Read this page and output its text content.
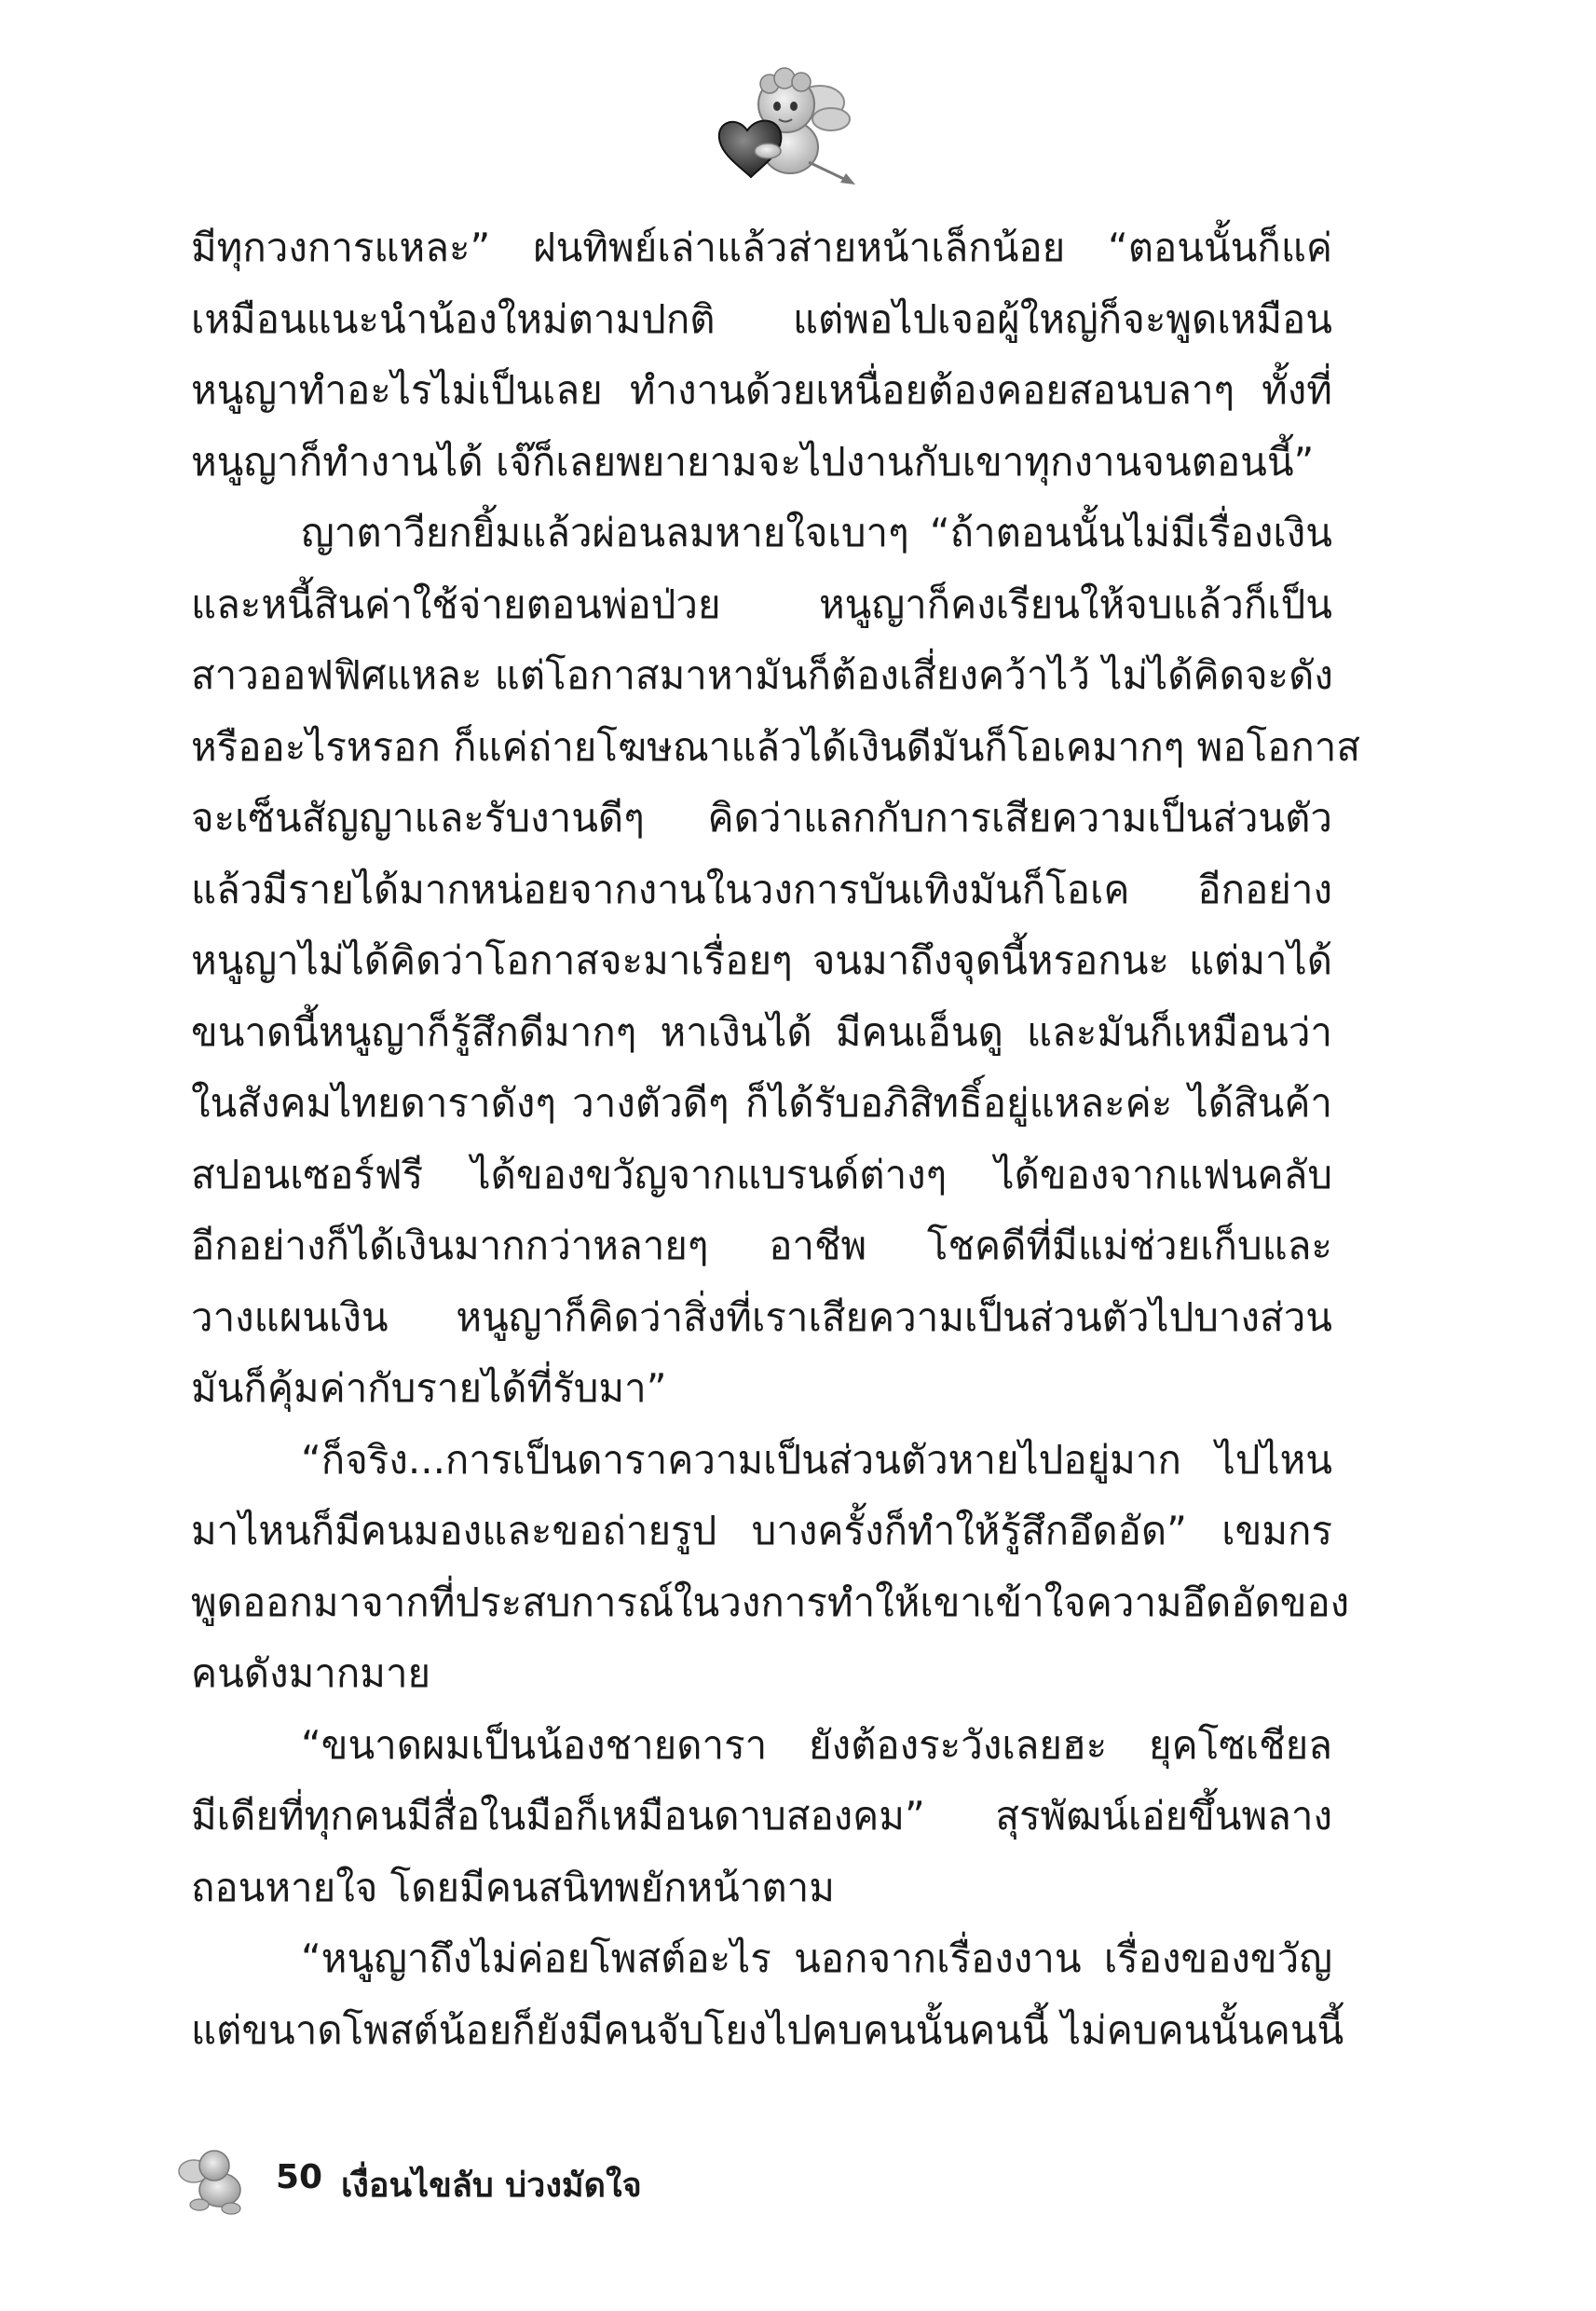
มีทุกวงการแหละ” ฝนทิพย์เล่าแล้วส่ายหน้าเล็กน้อย “ตอนนั้นก็แค่
เหมือนแนะนำน้องใหม่ตามปกติ แต่พอไปเจอผู้ใหญ่ก็จะพูดเหมือน
หนูญาทำอะไรไม่เป็นเลย ทำงานด้วยเหนื่อยต้องคอยสอนบลาๆ ทั้งที่
หนูญาก็ทำงานได้ เจ๊ก็เลยพยายามจะไปงานกับเขาทุกงานจนตอนนี้”
ญาตาวียกยิ้มแล้วผ่อนลมหายใจเบาๆ “ถ้าตอนนั้นไม่มีเรื่องเงิน
และหนี้สินค่าใช้จ่ายตอนพ่อป่วย หนูญาก็คงเรียนให้จบแล้วก็เป็น
สาวออฟฟิศแหละ แต่โอกาสมาหามันก็ต้องเสี่ยงคว้าไว้ ไม่ได้คิดจะดัง
หรืออะไรหรอก ก็แค่ถ่ายโฆษณาแล้วได้เงินดีมันก็โอเคมากๆ พอโอกาส
จะเซ็นสัญญาและรับงานดีๆ คิดว่าแลกกับการเสียความเป็นส่วนตัว
แล้วมีรายได้มากหน่อยจากงานในวงการบันเทิงมันก็โอเค อีกอย่าง
หนูญาไม่ได้คิดว่าโอกาสจะมาเรื่อยๆ จนมาถึงจุดนี้หรอกนะ แต่มาได้
ขนาดนี้หนูญาก็รู้สึกดีมากๆ หาเงินได้ มีคนเอ็นดู และมันก็เหมือนว่า
ในสังคมไทยดาราดังๆ วางตัวดีๆ ก็ได้รับอภิสิทธิ์อยู่แหละค่ะ ได้สินค้า
สปอนเซอร์ฟรี ได้ของขวัญจากแบรนด์ต่างๆ ได้ของจากแฟนคลับ
อีกอย่างก็ได้เงินมากกว่าหลายๆ อาชีพ โชคดีที่มีแม่ช่วยเก็บและ
วางแผนเงิน หนูญาก็คิดว่าสิ่งที่เราเสียความเป็นส่วนตัวไปบางส่วน
มันก็คุ้มค่ากับรายได้ที่รับมา”
“ก็จริง...การเป็นดาราความเป็นส่วนตัวหายไปอยู่มาก ไปไหน
มาไหนก็มีคนมองและขอถ่ายรูป บางครั้งก็ทำให้รู้สึกอึดอัด” เขมกร
พูดออกมาจากที่ประสบการณ์ในวงการทำให้เขาเข้าใจความอึดอัดของ
คนดังมากมาย
“ขนาดผมเป็นน้องชายดารา ยังต้องระวังเลยฮะ ยุคโซเชียล
มีเดียที่ทุกคนมีสื่อในมือก็เหมือนดาบสองคม” สุรพัฒน์เอ่ยขึ้นพลาง
ถอนหายใจ โดยมีคนสนิทพยักหน้าตาม
“หนูญาถึงไม่ค่อยโพสต์อะไร นอกจากเรื่องงาน เรื่องของขวัญ
แต่ขนาดโพสต์น้อยก็ยังมีคนจับโยงไปคบคนนั้นคนนี้ ไม่คบคนนั้นคนนี้
50 เงื่อนไขลับ บ่วงมัดใจ
